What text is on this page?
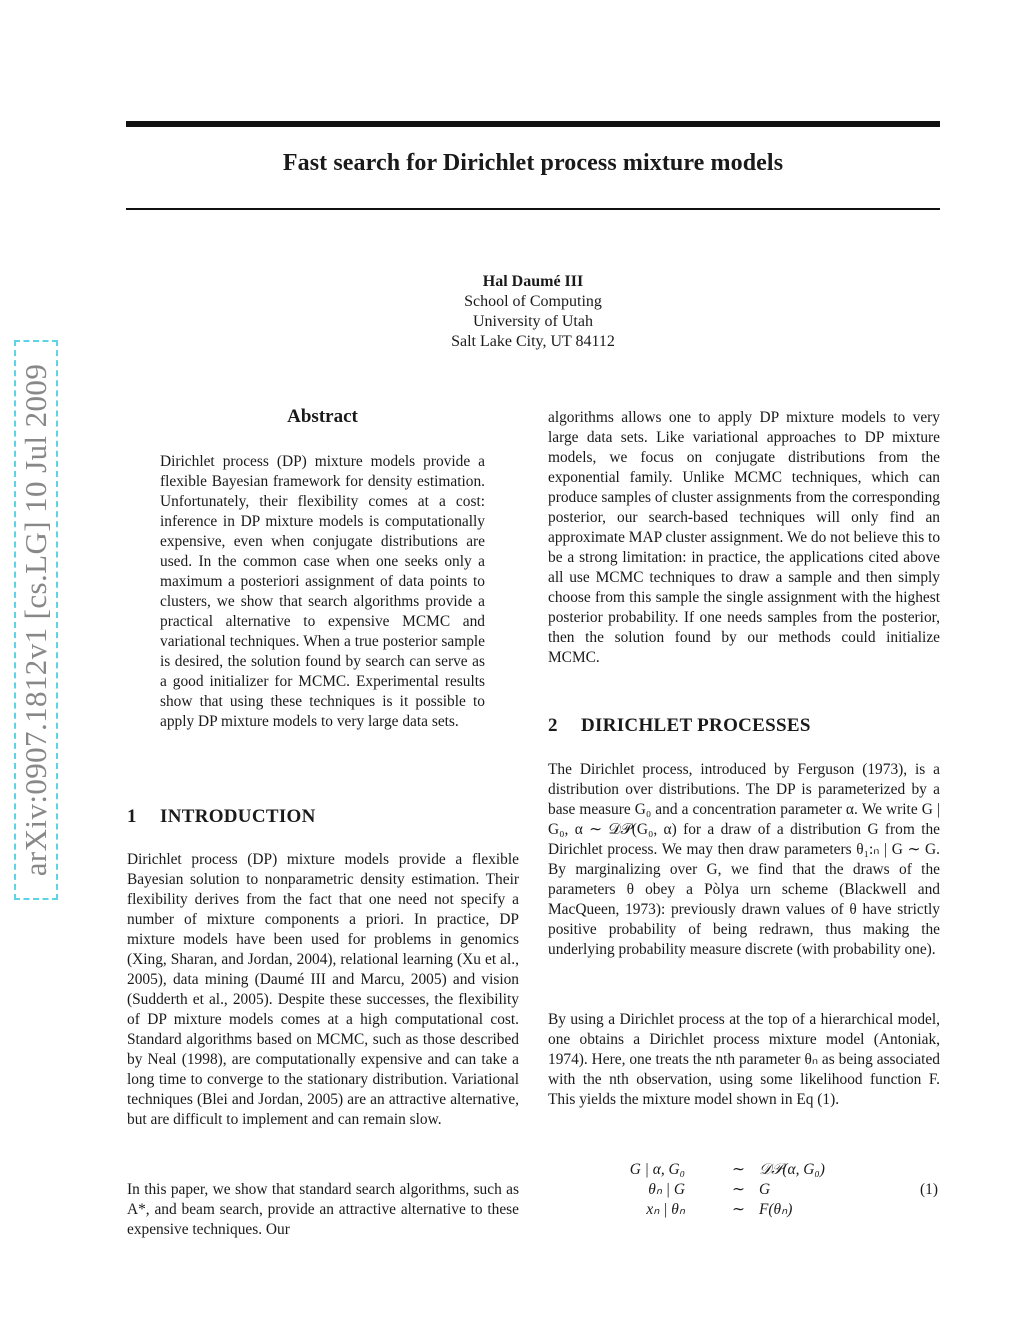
Fast search for Dirichlet process mixture models
Hal Daumé III
School of Computing
University of Utah
Salt Lake City, UT 84112
arXiv:0907.1812v1 [cs.LG] 10 Jul 2009	Abstract
Dirichlet process (DP) mixture models provide a flexible Bayesian framework for density estimation. Unfortunately, their flexibility comes at a cost: inference in DP mixture models is computationally expensive, even when conjugate distributions are used. In the common case when one seeks only a maximum a posteriori assignment of data points to clusters, we show that search algorithms provide a practical alternative to expensive MCMC and variational techniques. When a true posterior sample is desired, the solution found by search can serve as a good initializer for MCMC. Experimental results show that using these techniques is it possible to apply DP mixture models to very large data sets.
1 INTRODUCTION

Dirichlet process (DP) mixture models provide a flexible Bayesian solution to nonparametric density estimation. Their flexibility derives from the fact that one need not specify a number of mixture components a priori. In practice, DP mixture models have been used for problems in genomics (Xing, Sharan, and Jordan, 2004), relational learning (Xu et al., 2005), data mining (Daumé III and Marcu, 2005) and vision (Sudderth et al., 2005). Despite these successes, the flexibility of DP mixture models comes at a high computational cost. Standard algorithms based on MCMC, such as those described by Neal (1998), are computationally expensive and can take a long time to converge to the stationary distribution. Variational techniques (Blei and Jordan, 2005) are an attractive alternative, but are difficult to implement and can remain slow.

In this paper, we show that standard search algorithms, such as A*, and beam search, provide an attractive alternative to these expensive techniques. Our

algorithms allows one to apply DP mixture models to very large data sets. Like variational approaches to DP mixture models, we focus on conjugate distributions from the exponential family. Unlike MCMC techniques, which can produce samples of cluster assignments from the corresponding posterior, our search-based techniques will only find an approximate MAP cluster assignment. We do not believe this to be a strong limitation: in practice, the applications cited above all use MCMC techniques to draw a sample and then simply choose from this sample the single assignment with the highest posterior probability. If one needs samples from the posterior, then the solution found by our methods could initialize MCMC.

2 DIRICHLET PROCESSES

The Dirichlet process, introduced by Ferguson (1973), is a distribution over distributions. The DP is parameterized by a base measure G₀ and a concentration parameter α. We write G | G₀, α ∼ 𝒟𝒫(G₀, α) for a draw of a distribution G from the Dirichlet process. We may then draw parameters θ₁:ₙ | G ∼ G. By marginalizing over G, we find that the draws of the parameters θ obey a Pòlya urn scheme (Blackwell and MacQueen, 1973): previously drawn values of θ have strictly positive probability of being redrawn, thus making the underlying probability measure discrete (with probability one).

By using a Dirichlet process at the top of a hierarchical model, one obtains a Dirichlet process mixture model (Antoniak, 1974). Here, one treats the nth parameter θₙ as being associated with the nth observation, using some likelihood function F. This yields the mixture model shown in Eq (1).

G | α, G₀	∼ 𝒟𝒫(α, G₀)
θₙ | G	∼ G
xₙ | θₙ	∼ F(θₙ)
(1)
